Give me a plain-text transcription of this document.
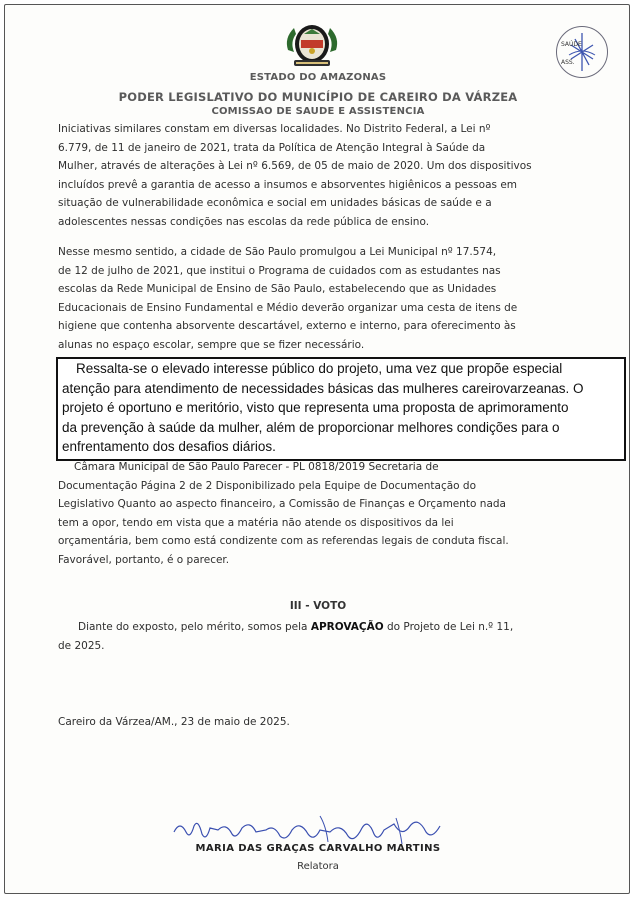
SAÚDE
ASS.
ESTADO DO AMAZONAS
PODER LEGISLATIVO DO MUNICÍPIO DE CAREIRO DA VÁRZEA
COMISSÃO DE SAÚDE E ASSISTÊNCIA
Iniciativas similares constam em diversas localidades. No Distrito Federal, a Lei nº
6.779, de 11 de janeiro de 2021, trata da Política de Atenção Integral à Saúde da
Mulher, através de alterações à Lei nº 6.569, de 05 de maio de 2020. Um dos dispositivos
incluídos prevê a garantia de acesso a insumos e absorventes higiênicos a pessoas em
situação de vulnerabilidade econômica e social em unidades básicas de saúde e a
adolescentes nessas condições nas escolas da rede pública de ensino.
Nesse mesmo sentido, a cidade de São Paulo promulgou a Lei Municipal nº 17.574,
de 12 de julho de 2021, que institui o Programa de cuidados com as estudantes nas
escolas da Rede Municipal de Ensino de São Paulo, estabelecendo que as Unidades
Educacionais de Ensino Fundamental e Médio deverão organizar uma cesta de itens de
higiene que contenha absorvente descartável, externo e interno, para oferecimento às
alunas no espaço escolar, sempre que se fizer necessário.
Ressalta-se o elevado interesse público do projeto, uma vez que propõe especial
atenção para atendimento de necessidades básicas das mulheres careirovarzeanas. O
projeto é oportuno e meritório, visto que representa uma proposta de aprimoramento
da prevenção à saúde da mulher, além de proporcionar melhores condições para o
enfrentamento dos desafios diários.
Câmara Municipal de São Paulo Parecer - PL 0818/2019 Secretaria de
Documentação Página 2 de 2 Disponibilizado pela Equipe de Documentação do
Legislativo Quanto ao aspecto financeiro, a Comissão de Finanças e Orçamento nada
tem a opor, tendo em vista que a matéria não atende os dispositivos da lei
orçamentária, bem como está condizente com as referendas legais de conduta fiscal.
Favorável, portanto, é o parecer.
III - VOTO
Diante do exposto, pelo mérito, somos pela APROVAÇÃO do Projeto de Lei n.º 11,
de 2025.
Careiro da Várzea/AM., 23 de maio de 2025.
MARIA DAS GRAÇAS CARVALHO MARTINS
Relatora
